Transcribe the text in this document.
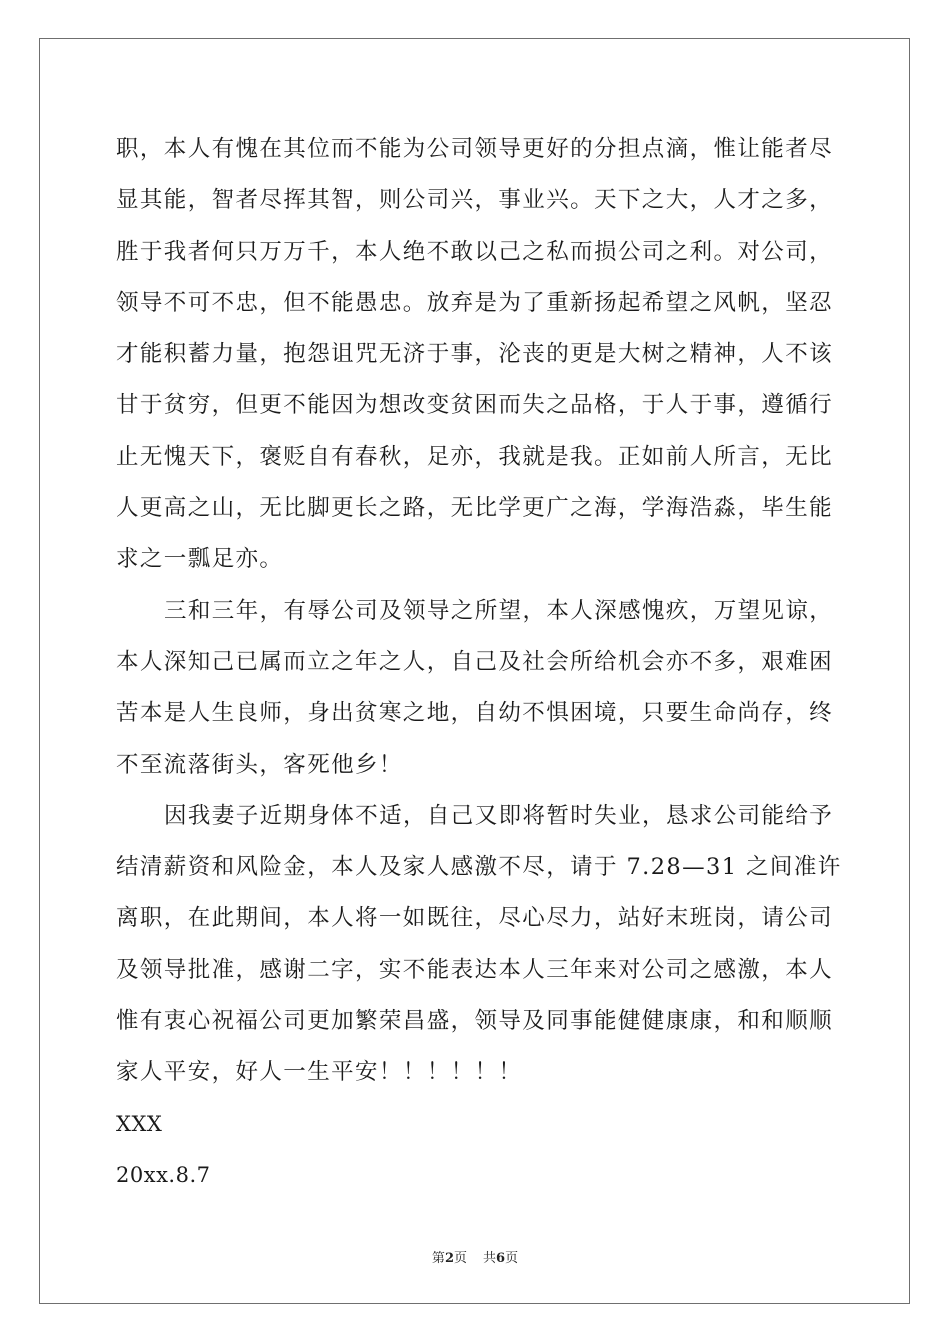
职，本人有愧在其位而不能为公司领导更好的分担点滴，惟让能者尽
显其能，智者尽挥其智，则公司兴，事业兴。天下之大，人才之多，
胜于我者何只万万千，本人绝不敢以己之私而损公司之利。对公司，
领导不可不忠，但不能愚忠。放弃是为了重新扬起希望之风帆，坚忍
才能积蓄力量，抱怨诅咒无济于事，沦丧的更是大树之精神，人不该
甘于贫穷，但更不能因为想改变贫困而失之品格，于人于事，遵循行
止无愧天下，褒贬自有春秋，足亦，我就是我。正如前人所言，无比
人更高之山，无比脚更长之路，无比学更广之海，学海浩淼，毕生能
求之一瓢足亦。

三和三年，有辱公司及领导之所望，本人深感愧疚，万望见谅，
本人深知己已属而立之年之人，自己及社会所给机会亦不多，艰难困
苦本是人生良师，身出贫寒之地，自幼不惧困境，只要生命尚存，终
不至流落街头，客死他乡！

因我妻子近期身体不适，自己又即将暂时失业，恳求公司能给予
结清薪资和风险金，本人及家人感激不尽，请于 7.28—31 之间准许
离职，在此期间，本人将一如既往，尽心尽力，站好末班岗，请公司
及领导批准，感谢二字，实不能表达本人三年来对公司之感激，本人
惟有衷心祝福公司更加繁荣昌盛，领导及同事能健健康康，和和顺顺
家人平安，好人一生平安！！！！！！

XXX

20xx.8.7

第2页 共6页
